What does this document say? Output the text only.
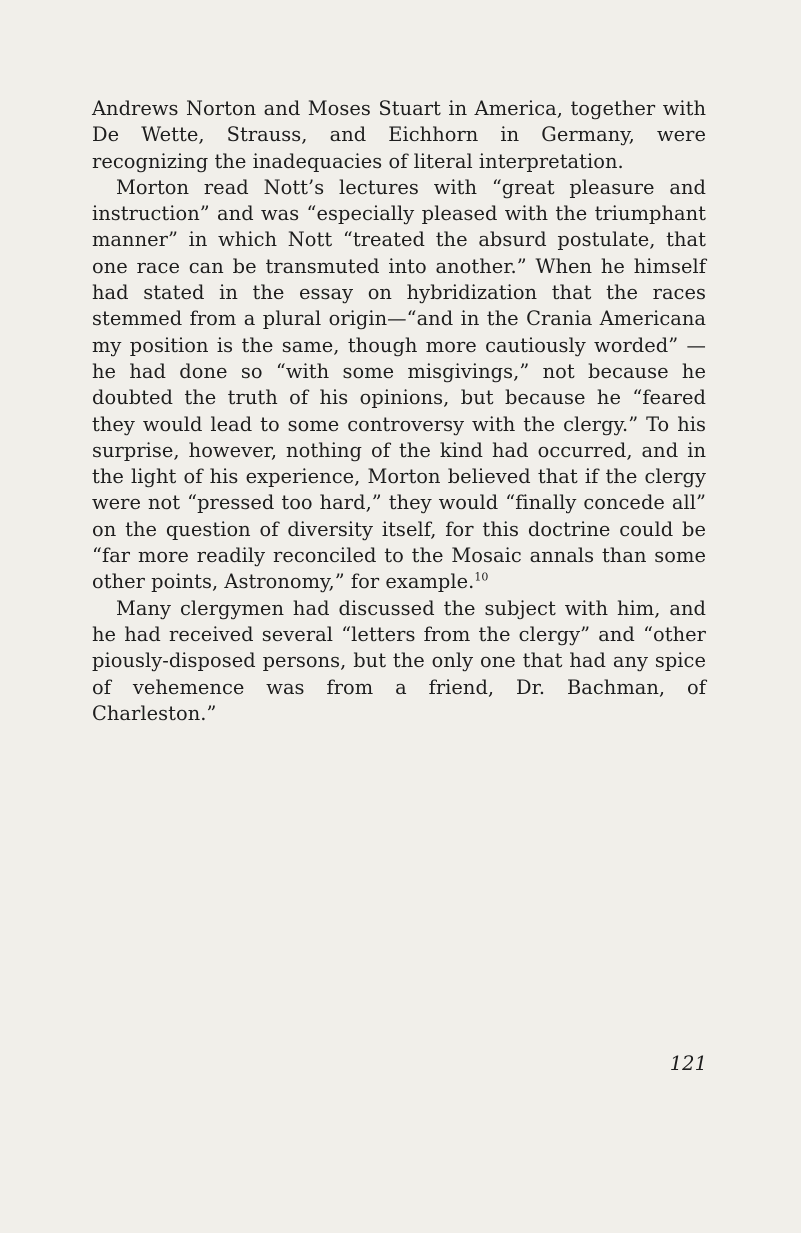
Andrews Norton and Moses Stuart in America, together with De Wette, Strauss, and Eichhorn in Germany, were recognizing the inadequacies of literal interpretation.

Morton read Nott’s lectures with “great pleasure and instruction” and was “especially pleased with the triumphant manner” in which Nott “treated the absurd postulate, that one race can be transmuted into another.” When he himself had stated in the essay on hybridization that the races stemmed from a plural origin—“and in the Crania Americana my position is the same, though more cautiously worded” —he had done so “with some misgivings,” not because he doubted the truth of his opinions, but because he “feared they would lead to some controversy with the clergy.” To his surprise, however, nothing of the kind had occurred, and in the light of his experience, Morton believed that if the clergy were not “pressed too hard,” they would “finally concede all” on the question of diversity itself, for this doctrine could be “far more readily reconciled to the Mosaic annals than some other points, Astronomy,” for example.$^{10}$

Many clergymen had discussed the subject with him, and he had received several “letters from the clergy” and “other piously-disposed persons, but the only one that had any spice of vehemence was from a friend, Dr. Bachman, of Charleston.”

121
